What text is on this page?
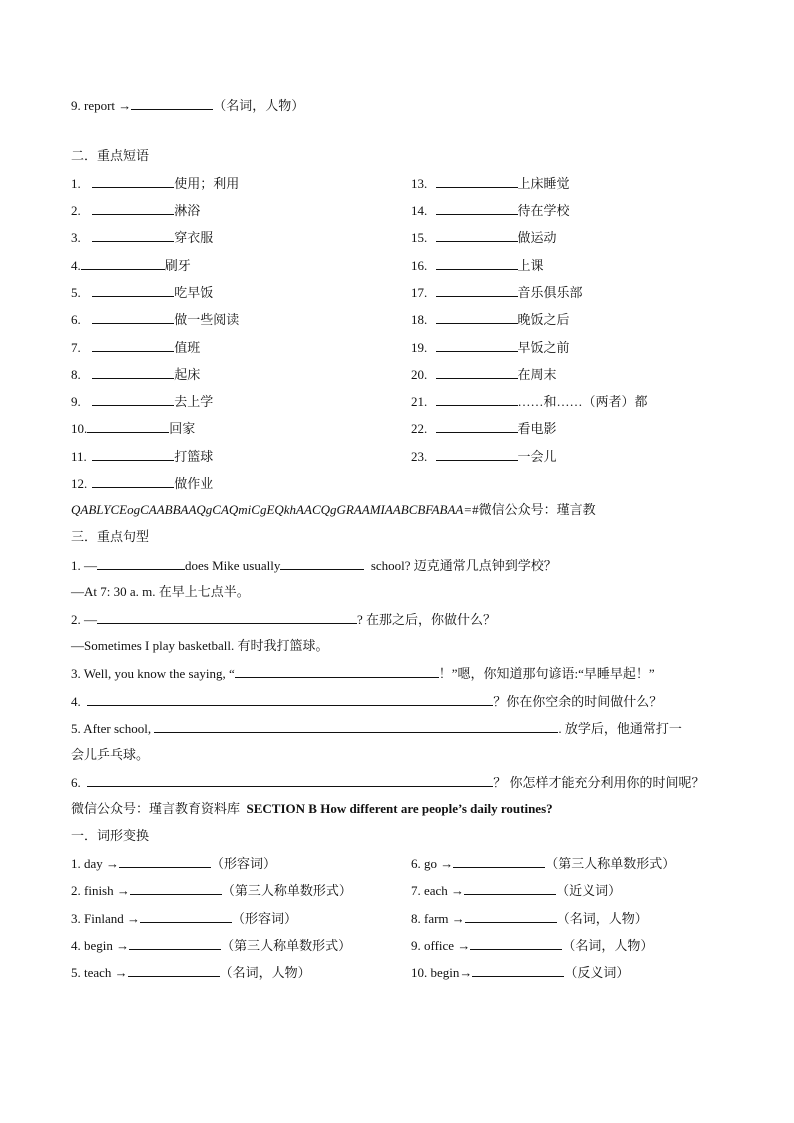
9. report →	（名词，人物）
二．重点短语
1.	使用；利用
2.	淋浴
3.	穿衣服
4.	刷牙
5.	吃早饭
6.	做一些阅读
7.	值班
8.	起床
9.	去上学
10.	回家
11.	打篮球
12.	做作业
13.	上床睡觉
14.	待在学校
15.	做运动
16.	上课
17.	音乐俱乐部
18.	晚饭之后
19.	早饭之前
20.	在周末
21.	……和……（两者）都
22.	看电影
23.	一会儿
QABLYCEogCAABBAAQgCAQmiCgEQkhAACQgGRAAMIAABCBFABAA=#微信公众号：瑾言教
三．重点句型
1. —	does Mike usually	school? 迈克通常几点钟到学校？
—At 7: 30 a. m. 在早上七点半。
2. —	? 在那之后，你做什么？
—Sometimes I play basketball. 有时我打篮球。
3. Well, you know the saying, “	！”嗯，你知道那句谚语:“早睡早起！”
4.	？你在你空余的时间做什么？
5. After school,	. 放学后，他通常打一
会儿乒乓球。
6.	？ 你怎样才能充分利用你的时间呢？
微信公众号：瑾言教育资料库 SECTION B How different are people’s daily routines?
一．词形变换
1. day →	（形容词）
2. finish →	（第三人称单数形式）
3. Finland →	（形容词）
4. begin →	（第三人称单数形式）
5. teach →	（名词，人物）
6. go →	（第三人称单数形式）
7. each →	（近义词）
8. farm →	（名词，人物）
9. office →	（名词，人物）
10. begin→	（反义词）
